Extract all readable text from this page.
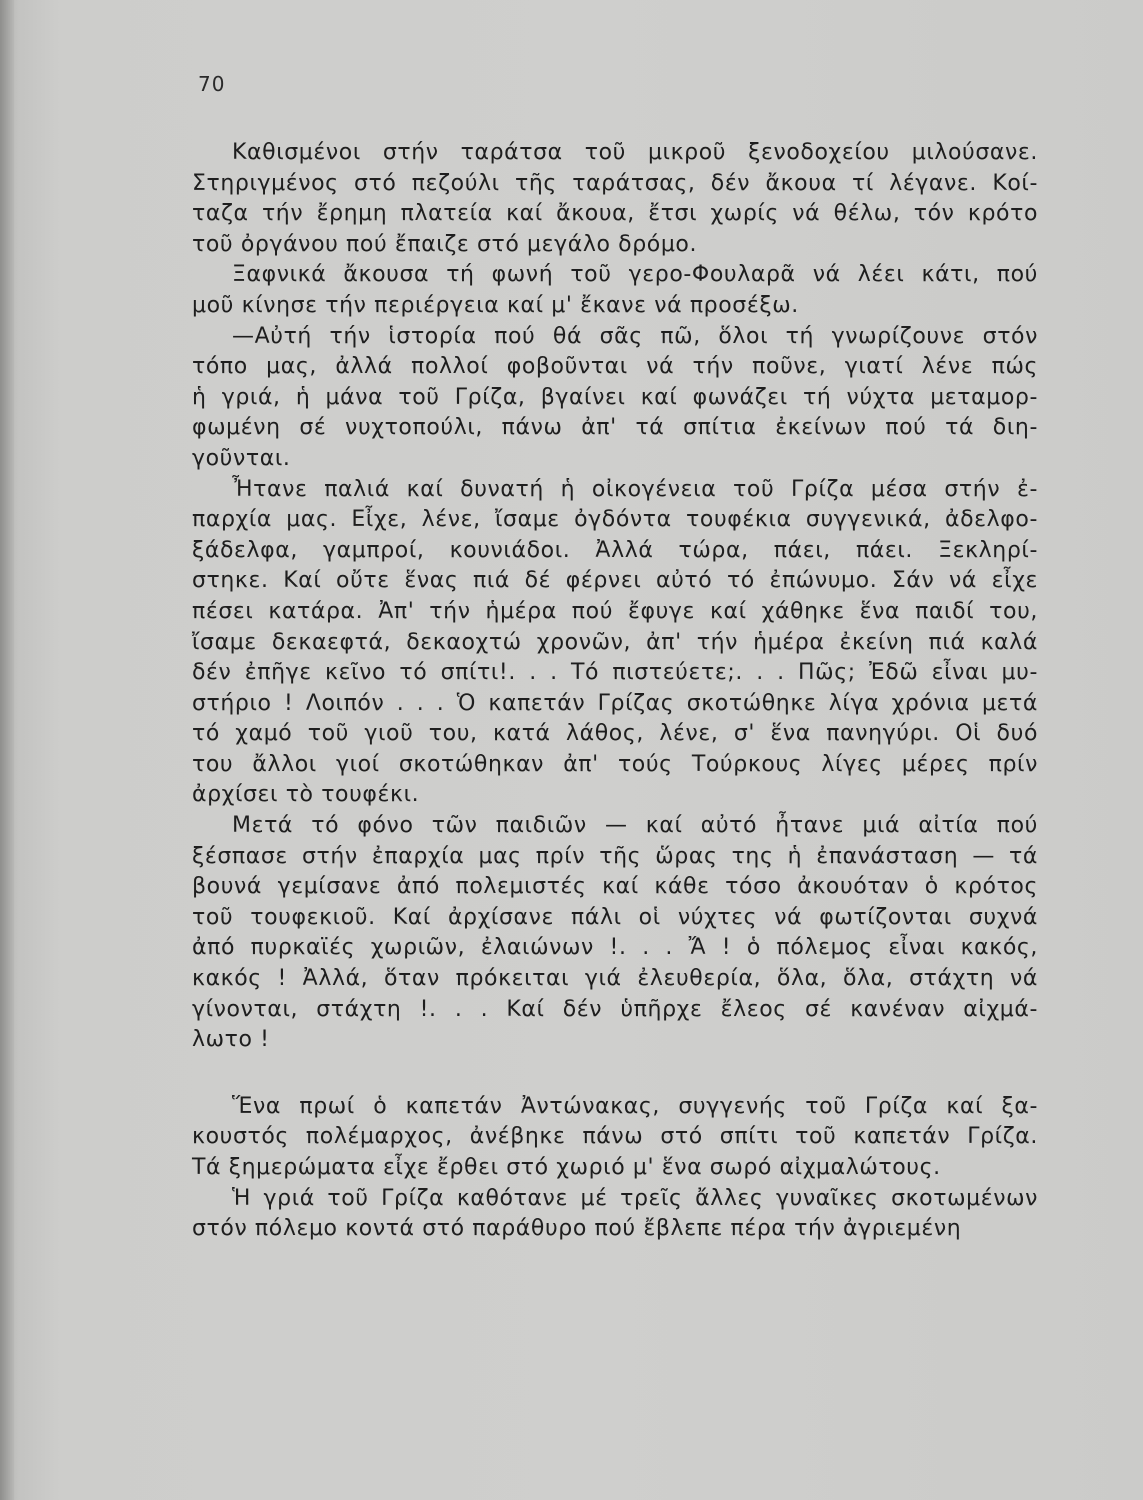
70
Καθισμένοι στήν ταράτσα τοῦ μικροῦ ξενοδοχείου μιλούσανε.
Στηριγμένος στό πεζούλι τῆς ταράτσας, δέν ἄκουα τί λέγανε. Κοί-
ταζα τήν ἔρημη πλατεία καί ἄκουα, ἔτσι χωρίς νά θέλω, τόν κρότο
τοῦ ὀργάνου πού ἔπαιζε στό μεγάλο δρόμο.
Ξαφνικά ἄκουσα τή φωνή τοῦ γερο-Φουλαρᾶ νά λέει κάτι, πού
μοῦ κίνησε τήν περιέργεια καί μ' ἔκανε νά προσέξω.
—Αὐτή τήν ἱστορία πού θά σᾶς πῶ, ὅλοι τή γνωρίζουνε στόν
τόπο μας, ἀλλά πολλοί φοβοῦνται νά τήν ποῦνε, γιατί λένε πώς
ἡ γριά, ἡ μάνα τοῦ Γρίζα, βγαίνει καί φωνάζει τή νύχτα μεταμορ-
φωμένη σέ νυχτοπούλι, πάνω ἀπ' τά σπίτια ἐκείνων πού τά διη-
γοῦνται.
Ἦτανε παλιά καί δυνατή ἡ οἰκογένεια τοῦ Γρίζα μέσα στήν ἐ-
παρχία μας. Εἶχε, λένε, ἴσαμε ὀγδόντα τουφέκια συγγενικά, ἀδελφο-
ξάδελφα, γαμπροί, κουνιάδοι. Ἀλλά τώρα, πάει, πάει. Ξεκληρί-
στηκε. Καί οὔτε ἕνας πιά δέ φέρνει αὐτό τό ἐπώνυμο. Σάν νά εἶχε
πέσει κατάρα. Ἀπ' τήν ἡμέρα πού ἔφυγε καί χάθηκε ἕνα παιδί του,
ἴσαμε δεκαεφτά, δεκαοχτώ χρονῶν, ἀπ' τήν ἡμέρα ἐκείνη πιά καλά
δέν ἐπῆγε κεῖνο τό σπίτι!. . . Τό πιστεύετε;. . . Πῶς; Ἐδῶ εἶναι μυ-
στήριο ! Λοιπόν . . . Ὁ καπετάν Γρίζας σκοτώθηκε λίγα χρόνια μετά
τό χαμό τοῦ γιοῦ του, κατά λάθος, λένε, σ' ἕνα πανηγύρι. Οἱ δυό
του ἄλλοι γιοί σκοτώθηκαν ἀπ' τούς Τούρκους λίγες μέρες πρίν
ἀρχίσει τὸ τουφέκι.
Μετά τό φόνο τῶν παιδιῶν — καί αὐτό ἦτανε μιά αἰτία πού
ξέσπασε στήν ἐπαρχία μας πρίν τῆς ὥρας της ἡ ἐπανάσταση — τά
βουνά γεμίσανε ἀπό πολεμιστές καί κάθε τόσο ἀκουόταν ὁ κρότος
τοῦ τουφεκιοῦ. Καί ἀρχίσανε πάλι οἱ νύχτες νά φωτίζονται συχνά
ἀπό πυρκαϊές χωριῶν, ἐλαιώνων !. . . Ἄ ! ὁ πόλεμος εἶναι κακός,
κακός ! Ἀλλά, ὅταν πρόκειται γιά ἐλευθερία, ὅλα, ὅλα, στάχτη νά
γίνονται, στάχτη !. . . Καί δέν ὑπῆρχε ἔλεος σέ κανέναν αἰχμά-
λωτο !
Ἕνα πρωί ὁ καπετάν Ἀντώνακας, συγγενής τοῦ Γρίζα καί ξα-
κουστός πολέμαρχος, ἀνέβηκε πάνω στό σπίτι τοῦ καπετάν Γρίζα.
Τά ξημερώματα εἶχε ἔρθει στό χωριό μ' ἕνα σωρό αἰχμαλώτους.
Ἡ γριά τοῦ Γρίζα καθότανε μέ τρεῖς ἄλλες γυναῖκες σκοτωμένων
στόν πόλεμο κοντά στό παράθυρο πού ἔβλεπε πέρα τήν ἀγριεμένη
